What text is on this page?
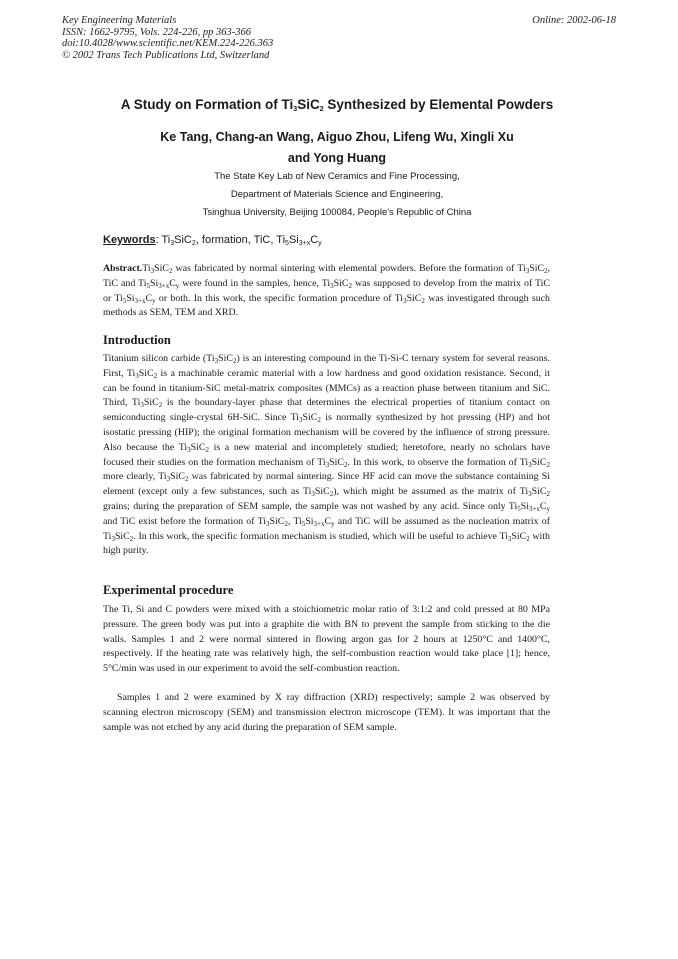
Key Engineering Materials
ISSN: 1662-9795, Vols. 224-226, pp 363-366
doi:10.4028/www.scientific.net/KEM.224-226.363
© 2002 Trans Tech Publications Ltd, Switzerland
Online: 2002-06-18
A Study on Formation of $Ti_3SiC_2$ Synthesized by Elemental Powders
Ke Tang, Chang-an Wang, Aiguo Zhou, Lifeng Wu, Xingli Xu
and Yong Huang
The State Key Lab of New Ceramics and Fine Processing,
Department of Materials Science and Engineering,
Tsinghua University, Beijing 100084, People's Republic of China
Keywords: $Ti_3SiC_2$, formation, TiC, $Ti_5Si_{3+x}C_y$
$Abstract.Ti_3SiC_2$ was fabricated by normal sintering with elemental powders. Before the formation of $Ti_3SiC_2$, TiC and $Ti_5Si_{3+x}C_y$ were found in the samples, hence, $Ti_3SiC_2$ was supposed to develop from the matrix of TiC or $Ti_5Si_{3+x}C_y$ or both. In this work, the specific formation procedure of $Ti_3SiC_2$ was investigated through such methods as SEM, TEM and XRD.
Introduction
Titanium silicon carbide $(Ti_3SiC_2)$ is an interesting compound in the Ti-Si-C ternary system for several reasons. First, $Ti_3SiC_2$ is a machinable ceramic material with a low hardness and good oxidation resistance. Second, it can be found in titanium-SiC metal-matrix composites (MMCs) as a reaction phase between titanium and SiC. Third, $Ti_3SiC_2$ is the boundary-layer phase that determines the electrical properties of titanium contact on semiconducting single-crystal 6H-SiC. Since $Ti_3SiC_2$ is normally synthesized by hot pressing (HP) and hot isostatic pressing (HIP); the original formation mechanism will be covered by the influence of strong pressure. Also because the $Ti_3SiC_2$ is a new material and incompletely studied; heretofore, nearly no scholars have focused their studies on the formation mechanism of $Ti_3SiC_2$. In this work, to observe the formation of $Ti_3SiC_2$ more clearly, $Ti_3SiC_2$ was fabricated by normal sintering. Since HF acid can move the substance containing Si element (except only a few substances, such as $Ti_3SiC_2$), which might be assumed as the matrix of $Ti_3SiC_2$ grains; during the preparation of SEM sample, the sample was not washed by any acid. Since only $Ti_5Si_{3+x}C_y$ and TiC exist before the formation of $Ti_3SiC_2$, $Ti_5Si_{3+x}C_y$ and TiC will be assumed as the nucleation matrix of $Ti_3SiC_2$. In this work, the specific formation mechanism is studied, which will be useful to achieve $Ti_3SiC_2$ with high purity.
Experimental procedure
The Ti, Si and C powders were mixed with a stoichiometric molar ratio of 3:1:2 and cold pressed at 80 MPa pressure. The green body was put into a graphite die with BN to prevent the sample from sticking to the die walls. Samples 1 and 2 were normal sintered in flowing argon gas for 2 hours at 1250°C and 1400°C, respectively. If the heating rate was relatively high, the self-combustion reaction would take place [1]; hence, 5°C/min was used in our experiment to avoid the self-combustion reaction.
Samples 1 and 2 were examined by X ray diffraction (XRD) respectively; sample 2 was observed by scanning electron microscopy (SEM) and transmission electron microscope (TEM). It was important that the sample was not etched by any acid during the preparation of SEM sample.
